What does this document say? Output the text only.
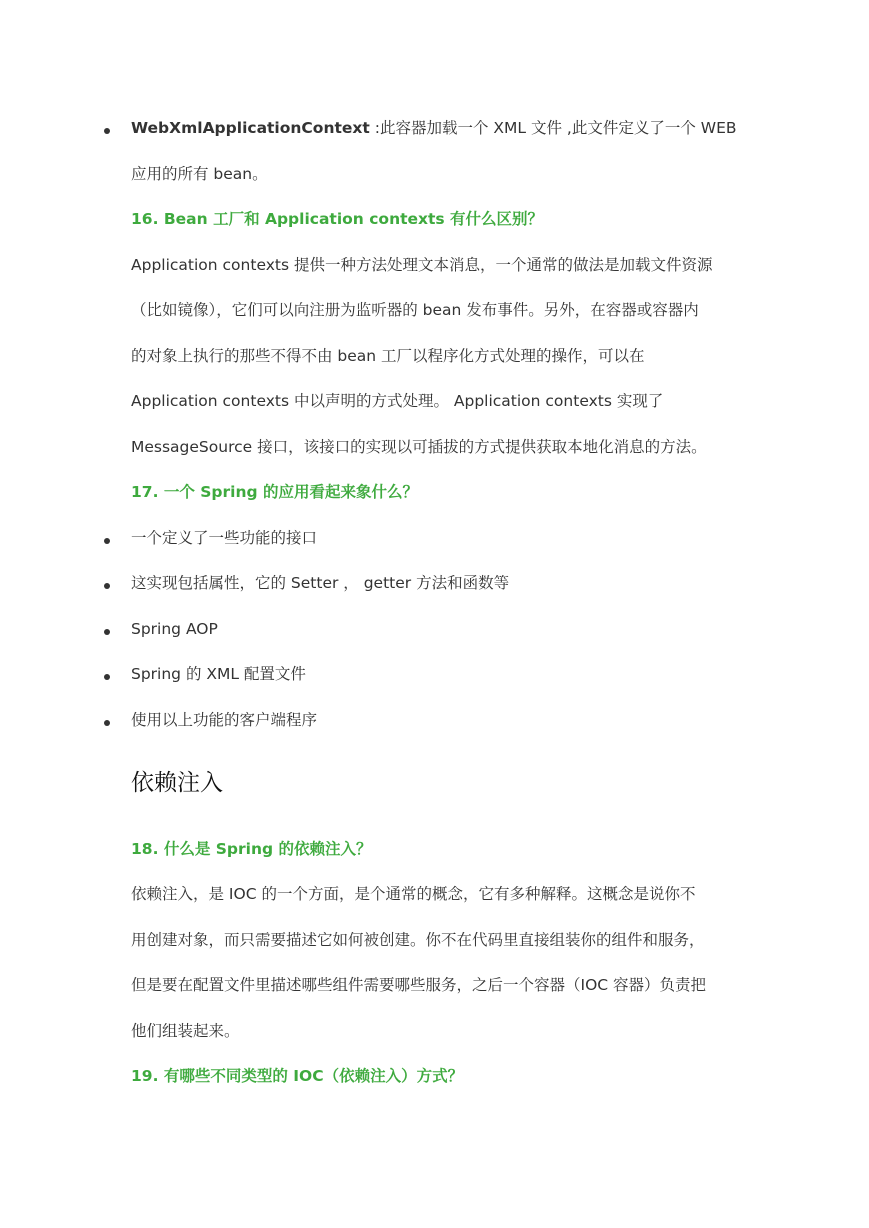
WebXmlApplicationContext :此容器加载一个 XML 文件 ,此文件定义了一个 WEB
应用的所有 bean。
16. Bean 工厂和 Application contexts 有什么区别？
Application contexts 提供一种方法处理文本消息，一个通常的做法是加载文件资源
（比如镜像），它们可以向注册为监听器的 bean 发布事件。另外，在容器或容器内
的对象上执行的那些不得不由 bean 工厂以程序化方式处理的操作，可以在
Application contexts 中以声明的方式处理。 Application contexts 实现了
MessageSource 接口，该接口的实现以可插拔的方式提供获取本地化消息的方法。
17. 一个 Spring 的应用看起来象什么？
一个定义了一些功能的接口
这实现包括属性，它的 Setter ， getter 方法和函数等
Spring AOP
Spring 的 XML 配置文件
使用以上功能的客户端程序
依赖注入
18. 什么是 Spring 的依赖注入？
依赖注入，是 IOC 的一个方面，是个通常的概念，它有多种解释。这概念是说你不
用创建对象，而只需要描述它如何被创建。你不在代码里直接组装你的组件和服务，
但是要在配置文件里描述哪些组件需要哪些服务，之后一个容器（IOC 容器）负责把
他们组装起来。
19. 有哪些不同类型的 IOC（依赖注入）方式？
